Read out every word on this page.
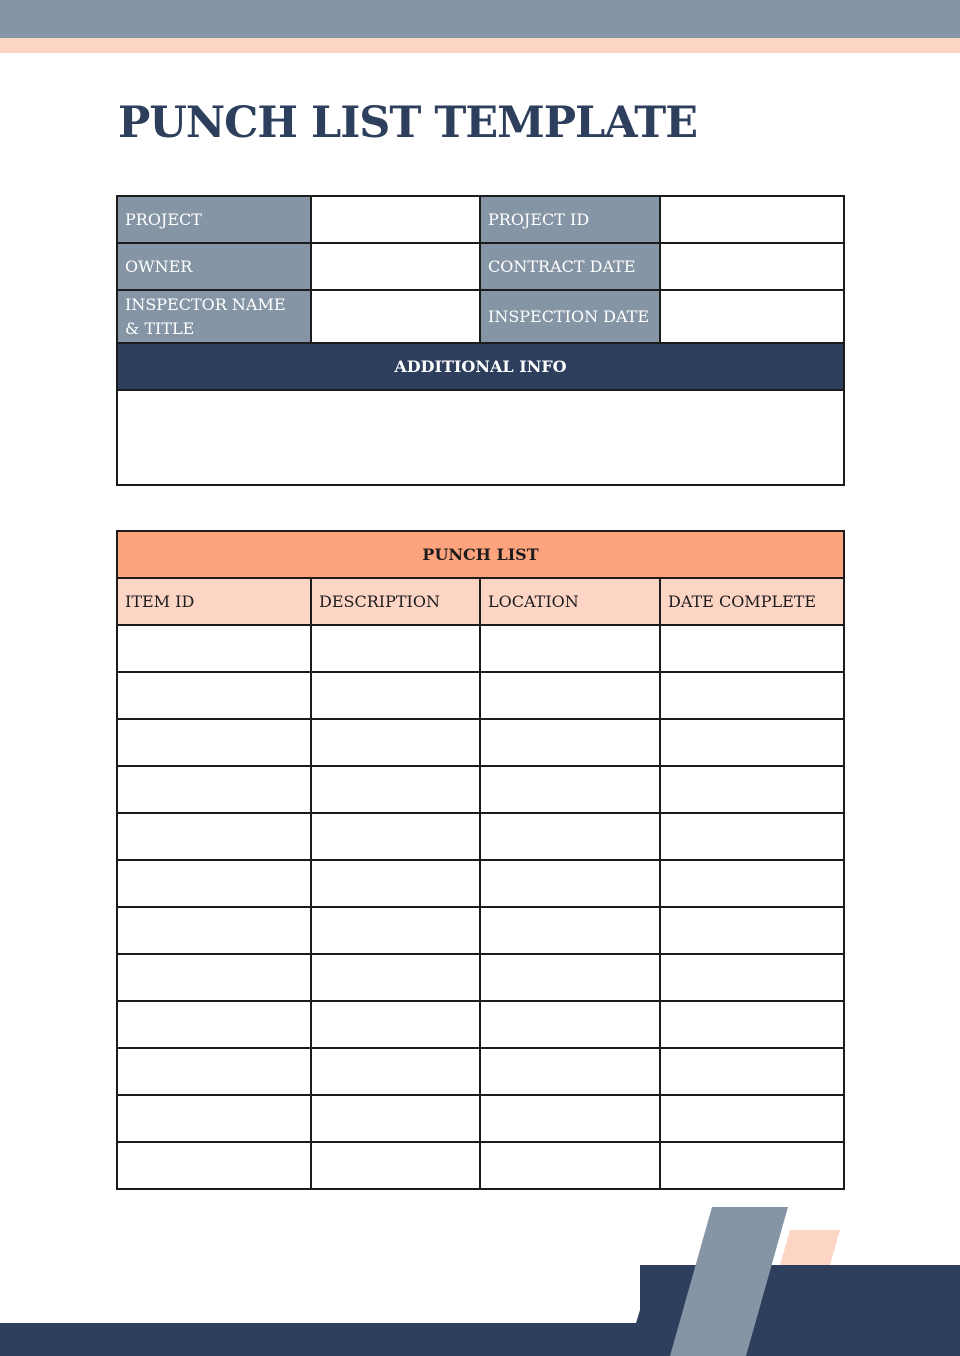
PUNCH LIST TEMPLATE
PROJECT		PROJECT ID	
OWNER		CONTRACT DATE	
INSPECTOR NAME & TITLE		INSPECTION DATE	
ADDITIONAL INFO			

PUNCH LIST			
ITEM ID	DESCRIPTION	LOCATION	DATE COMPLETE
